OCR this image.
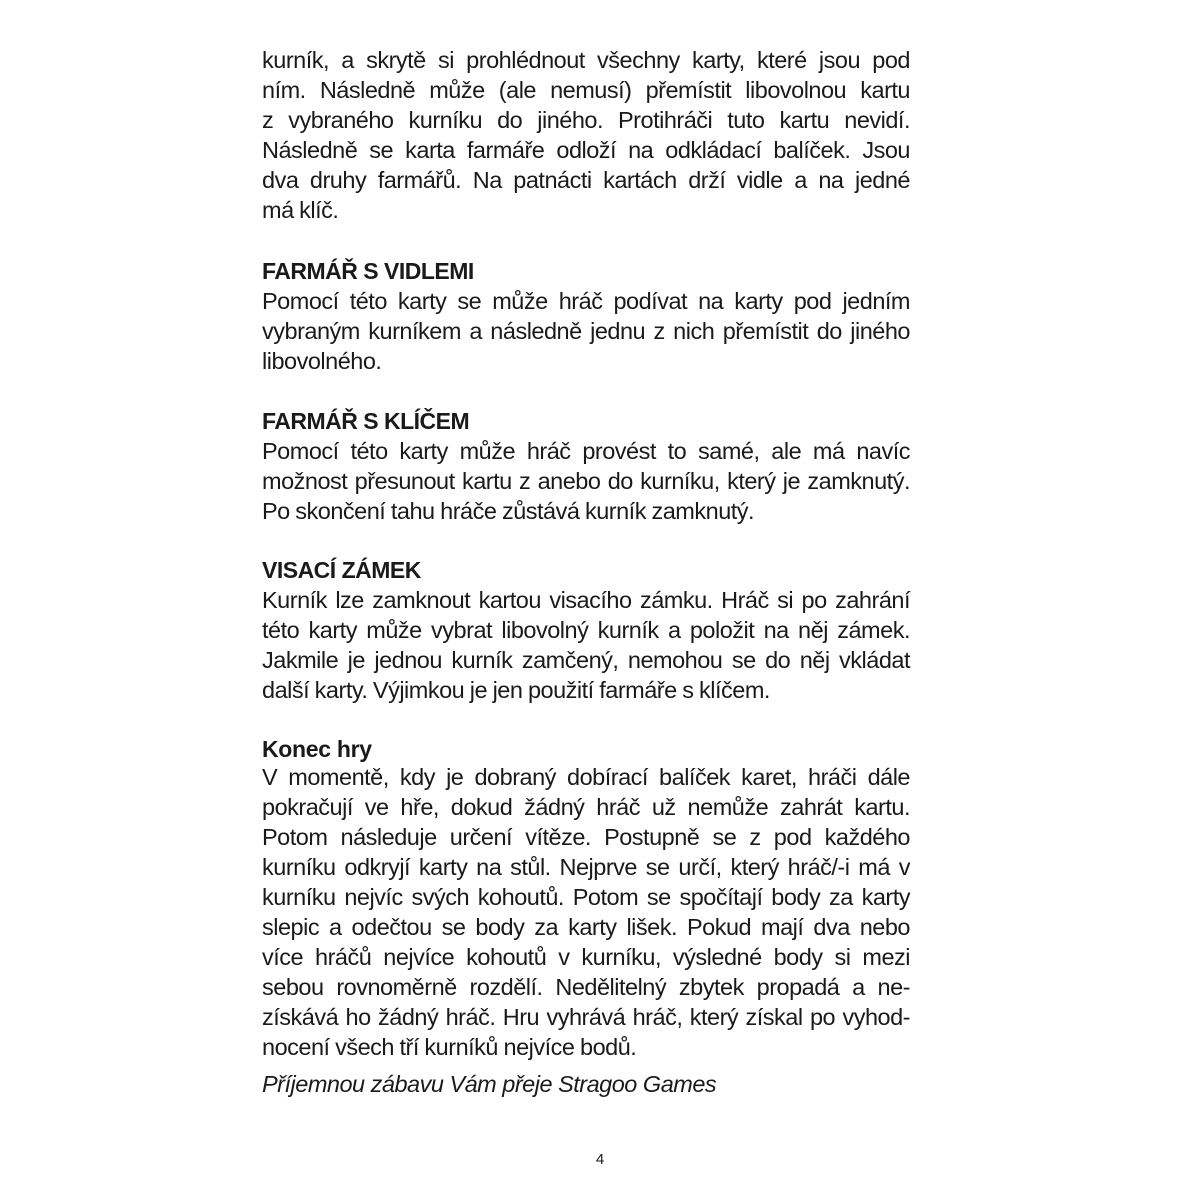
kurník, a skrytě si prohlédnout všechny karty, které jsou pod
ním. Následně může (ale nemusí) přemístit libovolnou kartu
z vybraného kurníku do jiného. Protihráči tuto kartu nevidí.
Následně se karta farmáře odloží na odkládací balíček. Jsou
dva druhy farmářů. Na patnácti kartách drží vidle a na jedné
má klíč.

FARMÁŘ S VIDLEMI

Pomocí této karty se může hráč podívat na karty pod jedním
vybraným kurníkem a následně jednu z nich přemístit do jiného
libovolného.

FARMÁŘ S KLÍČEM

Pomocí této karty může hráč provést to samé, ale má navíc
možnost přesunout kartu z anebo do kurníku, který je zamknutý.
Po skončení tahu hráče zůstává kurník zamknutý.

VISACÍ ZÁMEK

Kurník lze zamknout kartou visacího zámku. Hráč si po zahrání
této karty může vybrat libovolný kurník a položit na něj zámek.
Jakmile je jednou kurník zamčený, nemohou se do něj vkládat
další karty. Výjimkou je jen použití farmáře s klíčem.

Konec hry

V momentě, kdy je dobraný dobírací balíček karet, hráči dále
pokračují ve hře, dokud žádný hráč už nemůže zahrát kartu.
Potom následuje určení vítěze. Postupně se z pod každého
kurníku odkryjí karty na stůl. Nejprve se určí, který hráč/-i má v
kurníku nejvíc svých kohoutů. Potom se spočítají body za karty
slepic a odečtou se body za karty lišek. Pokud mají dva nebo
více hráčů nejvíce kohoutů v kurníku, výsledné body si mezi
sebou rovnoměrně rozdělí. Nedělitelný zbytek propadá a ne-
získává ho žádný hráč. Hru vyhrává hráč, který získal po vyhod-
nocení všech tří kurníků nejvíce bodů.

Příjemnou zábavu Vám přeje Stragoo Games

4
